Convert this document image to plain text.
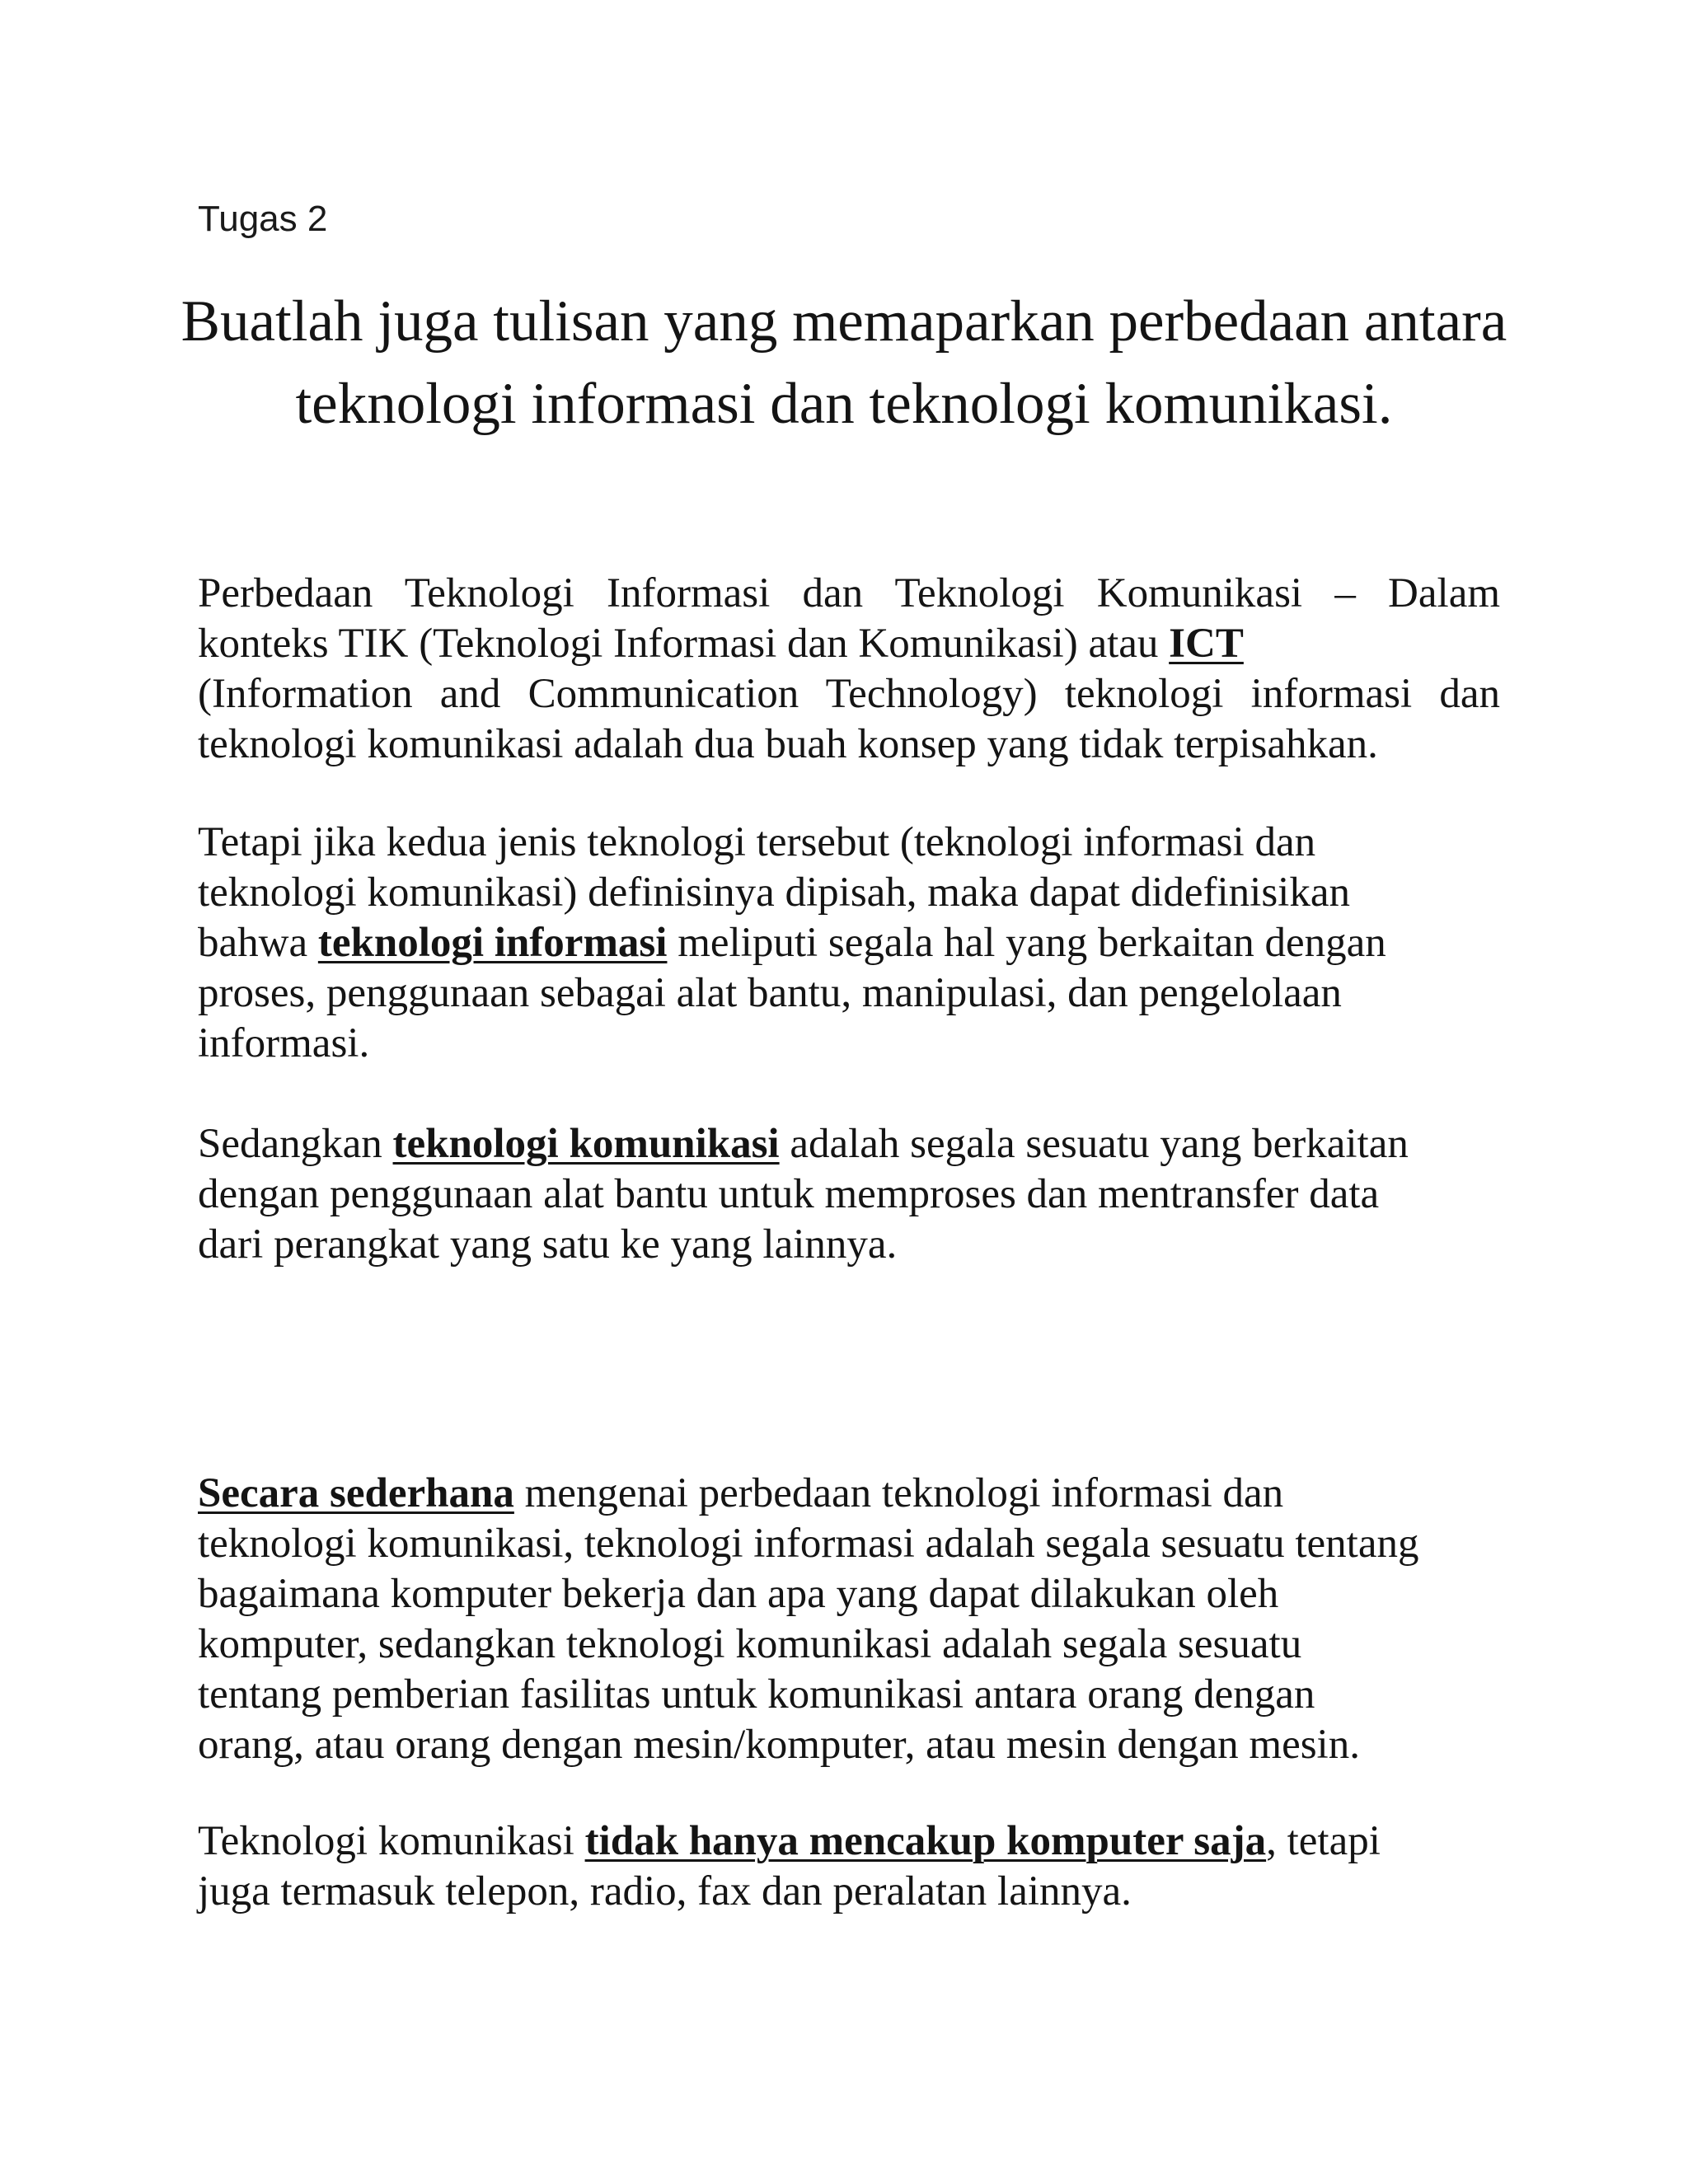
Tugas 2
Buatlah juga tulisan yang memaparkan perbedaan antara
teknologi informasi dan teknologi komunikasi.
Perbedaan Teknologi Informasi dan Teknologi Komunikasi – Dalam
konteks TIK (Teknologi Informasi dan Komunikasi) atau ICT
(Information and Communication Technology) teknologi informasi dan
teknologi komunikasi adalah dua buah konsep yang tidak terpisahkan.
Tetapi jika kedua jenis teknologi tersebut (teknologi informasi dan
teknologi komunikasi) definisinya dipisah, maka dapat didefinisikan
bahwa teknologi informasi meliputi segala hal yang berkaitan dengan
proses, penggunaan sebagai alat bantu, manipulasi, dan pengelolaan
informasi.
Sedangkan teknologi komunikasi adalah segala sesuatu yang berkaitan
dengan penggunaan alat bantu untuk memproses dan mentransfer data
dari perangkat yang satu ke yang lainnya.
Secara sederhana mengenai perbedaan teknologi informasi dan
teknologi komunikasi, teknologi informasi adalah segala sesuatu tentang
bagaimana komputer bekerja dan apa yang dapat dilakukan oleh
komputer, sedangkan teknologi komunikasi adalah segala sesuatu
tentang pemberian fasilitas untuk komunikasi antara orang dengan
orang, atau orang dengan mesin/komputer, atau mesin dengan mesin.
Teknologi komunikasi tidak hanya mencakup komputer saja, tetapi
juga termasuk telepon, radio, fax dan peralatan lainnya.
